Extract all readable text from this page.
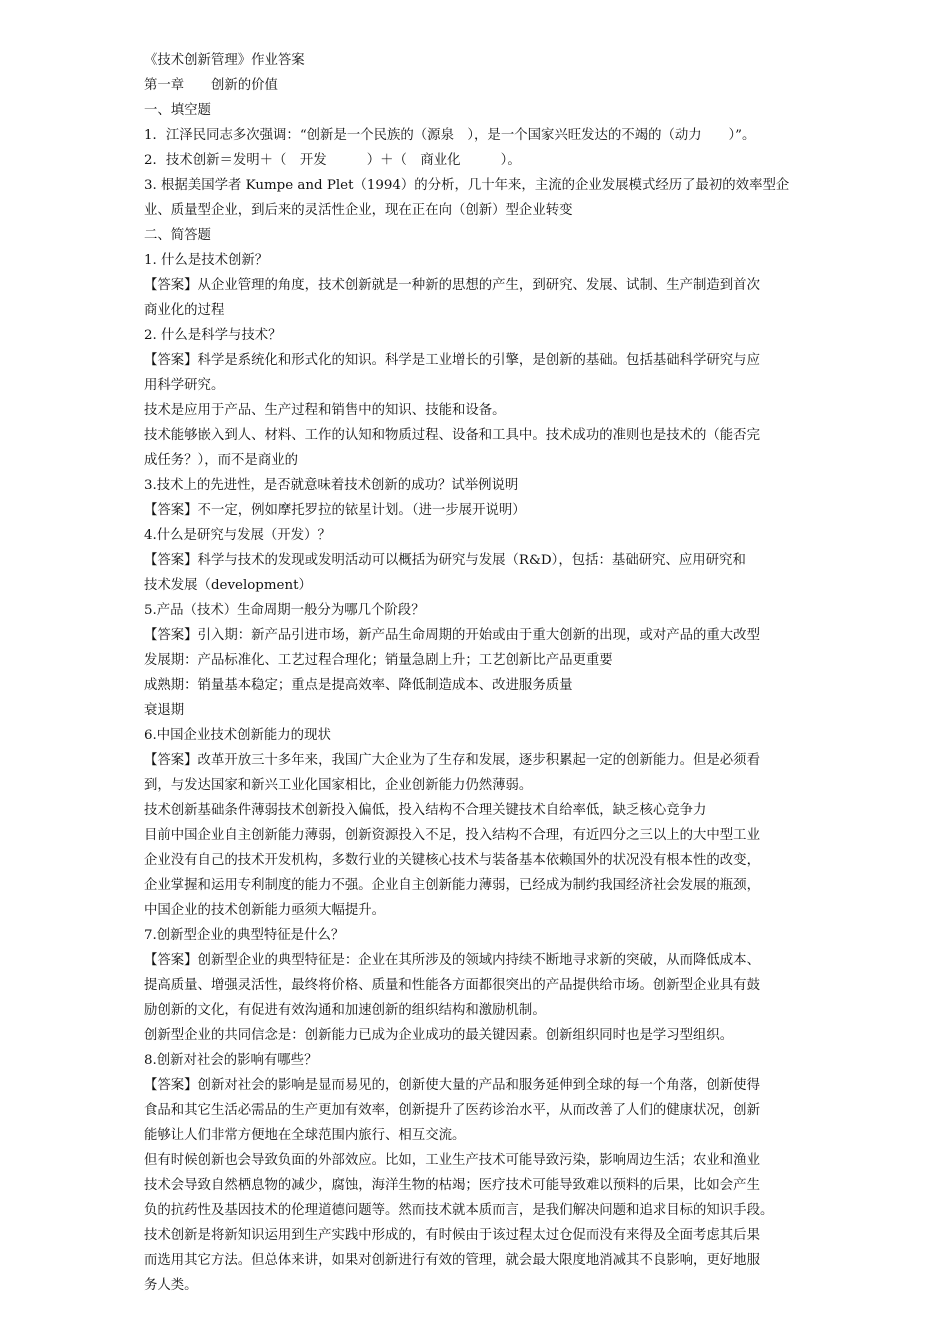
《技术创新管理》作业答案
第一章　　创新的价值
一、填空题
1．江泽民同志多次强调：“创新是一个民族的（源泉　），是一个国家兴旺发达的不竭的（动力　　）”。
2．技术创新＝发明＋（　开发　　　）＋（　商业化　　　）。
3. 根据美国学者 Kumpe and Plet（1994）的分析，几十年来，主流的企业发展模式经历了最初的效率型企
业、质量型企业，到后来的灵活性企业，现在正在向（创新）型企业转变
二、简答题
1. 什么是技术创新？
【答案】从企业管理的角度，技术创新就是一种新的思想的产生，到研究、发展、试制、生产制造到首次
商业化的过程
2. 什么是科学与技术？
【答案】科学是系统化和形式化的知识。科学是工业增长的引擎，是创新的基础。包括基础科学研究与应
用科学研究。
技术是应用于产品、生产过程和销售中的知识、技能和设备。
技术能够嵌入到人、材料、工作的认知和物质过程、设备和工具中。技术成功的准则也是技术的（能否完
成任务？），而不是商业的
3.技术上的先进性，是否就意味着技术创新的成功？试举例说明
【答案】不一定，例如摩托罗拉的铱星计划。（进一步展开说明）
4.什么是研究与发展（开发）？
【答案】科学与技术的发现或发明活动可以概括为研究与发展（R&D），包括：基础研究、应用研究和
技术发展（development）
5.产品（技术）生命周期一般分为哪几个阶段？
【答案】引入期：新产品引进市场，新产品生命周期的开始或由于重大创新的出现，或对产品的重大改型
发展期：产品标准化、工艺过程合理化；销量急剧上升；工艺创新比产品更重要
成熟期：销量基本稳定；重点是提高效率、降低制造成本、改进服务质量
衰退期
6.中国企业技术创新能力的现状
【答案】改革开放三十多年来，我国广大企业为了生存和发展，逐步积累起一定的创新能力。但是必须看
到，与发达国家和新兴工业化国家相比，企业创新能力仍然薄弱。
技术创新基础条件薄弱技术创新投入偏低，投入结构不合理关键技术自给率低，缺乏核心竞争力
目前中国企业自主创新能力薄弱，创新资源投入不足，投入结构不合理，有近四分之三以上的大中型工业
企业没有自己的技术开发机构，多数行业的关键核心技术与装备基本依赖国外的状况没有根本性的改变，
企业掌握和运用专利制度的能力不强。企业自主创新能力薄弱，已经成为制约我国经济社会发展的瓶颈，
中国企业的技术创新能力亟须大幅提升。
7.创新型企业的典型特征是什么？
【答案】创新型企业的典型特征是：企业在其所涉及的领域内持续不断地寻求新的突破，从而降低成本、
提高质量、增强灵活性，最终将价格、质量和性能各方面都很突出的产品提供给市场。创新型企业具有鼓
励创新的文化，有促进有效沟通和加速创新的组织结构和激励机制。
创新型企业的共同信念是：创新能力已成为企业成功的最关键因素。创新组织同时也是学习型组织。
8.创新对社会的影响有哪些？
【答案】创新对社会的影响是显而易见的，创新使大量的产品和服务延伸到全球的每一个角落，创新使得
食品和其它生活必需品的生产更加有效率，创新提升了医药诊治水平，从而改善了人们的健康状况，创新
能够让人们非常方便地在全球范围内旅行、相互交流。
但有时候创新也会导致负面的外部效应。比如，工业生产技术可能导致污染，影响周边生活；农业和渔业
技术会导致自然栖息物的减少，腐蚀，海洋生物的枯竭；医疗技术可能导致难以预料的后果，比如会产生
负的抗药性及基因技术的伦理道德问题等。然而技术就本质而言，是我们解决问题和追求目标的知识手段。
技术创新是将新知识运用到生产实践中形成的，有时候由于该过程太过仓促而没有来得及全面考虑其后果
而选用其它方法。但总体来讲，如果对创新进行有效的管理，就会最大限度地消减其不良影响，更好地服
务人类。
